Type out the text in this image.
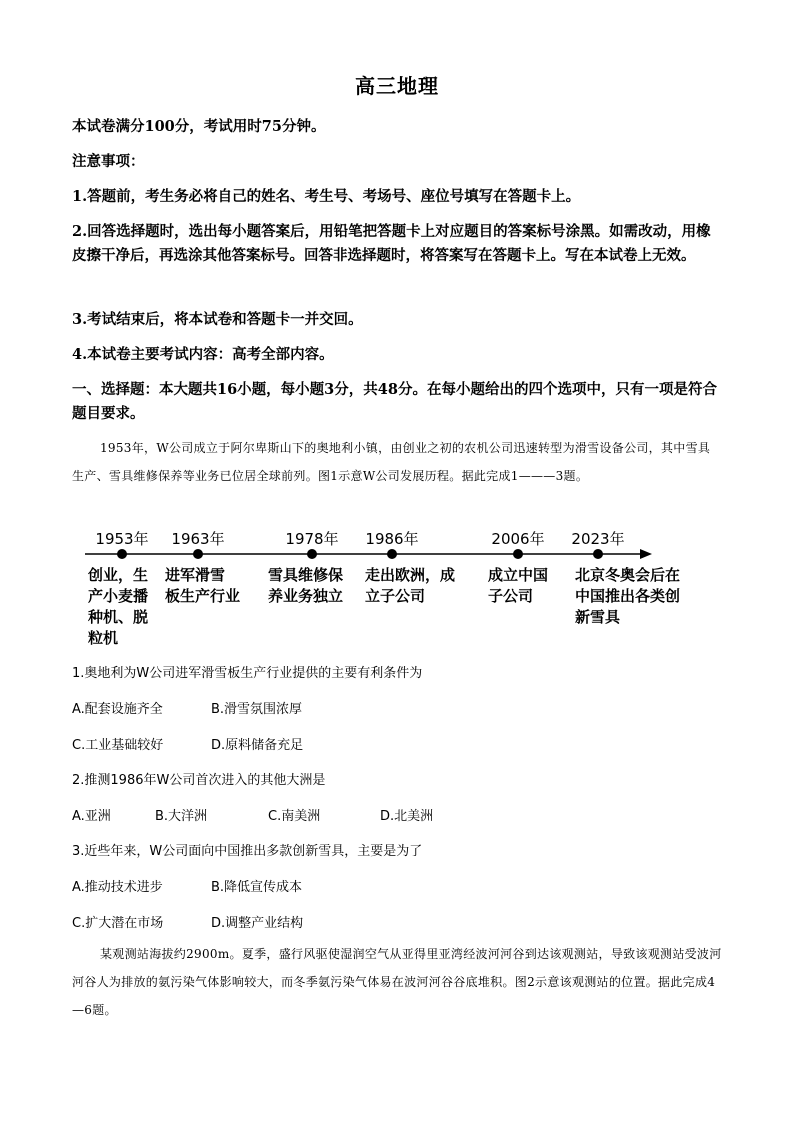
高三地理
本试卷满分100分，考试用时75分钟。
注意事项：
1.答题前，考生务必将自己的姓名、考生号、考场号、座位号填写在答题卡上。
2.回答选择题时，选出每小题答案后，用铅笔把答题卡上对应题目的答案标号涂黑。如需改动，用橡皮擦干净后，再选涂其他答案标号。回答非选择题时，将答案写在答题卡上。写在本试卷上无效。
3.考试结束后，将本试卷和答题卡一并交回。
4.本试卷主要考试内容：高考全部内容。
一、选择题：本大题共16小题，每小题3分，共48分。在每小题给出的四个选项中，只有一项是符合题目要求。
1953年，W公司成立于阿尔卑斯山下的奥地利小镇，由创业之初的农机公司迅速转型为滑雪设备公司，其中雪具生产、雪具维修保养等业务已位居全球前列。图1示意W公司发展历程。据此完成1———3题。
1953年
创业，生
产小麦播
种机、脱
粒机
1963年
进军滑雪
板生产行业
1978年
雪具维修保
养业务独立
1986年
走出欧洲，成
立子公司
2006年
成立中国
子公司
2023年
北京冬奥会后在
中国推出各类创
新雪具
1.奥地利为W公司进军滑雪板生产行业提供的主要有利条件为
A.配套设施齐全	B.滑雪氛围浓厚
C.工业基础较好	D.原料储备充足
2.推测1986年W公司首次进入的其他大洲是
A.亚洲	B.大洋洲	C.南美洲	D.北美洲
3.近些年来，W公司面向中国推出多款创新雪具，主要是为了
A.推动技术进步	B.降低宣传成本
C.扩大潜在市场	D.调整产业结构
某观测站海拔约2900m。夏季，盛行风驱使湿润空气从亚得里亚湾经波河河谷到达该观测站，导致该观测站受波河河谷人为排放的氨污染气体影响较大，而冬季氨污染气体易在波河河谷谷底堆积。图2示意该观测站的位置。据此完成4—6题。
